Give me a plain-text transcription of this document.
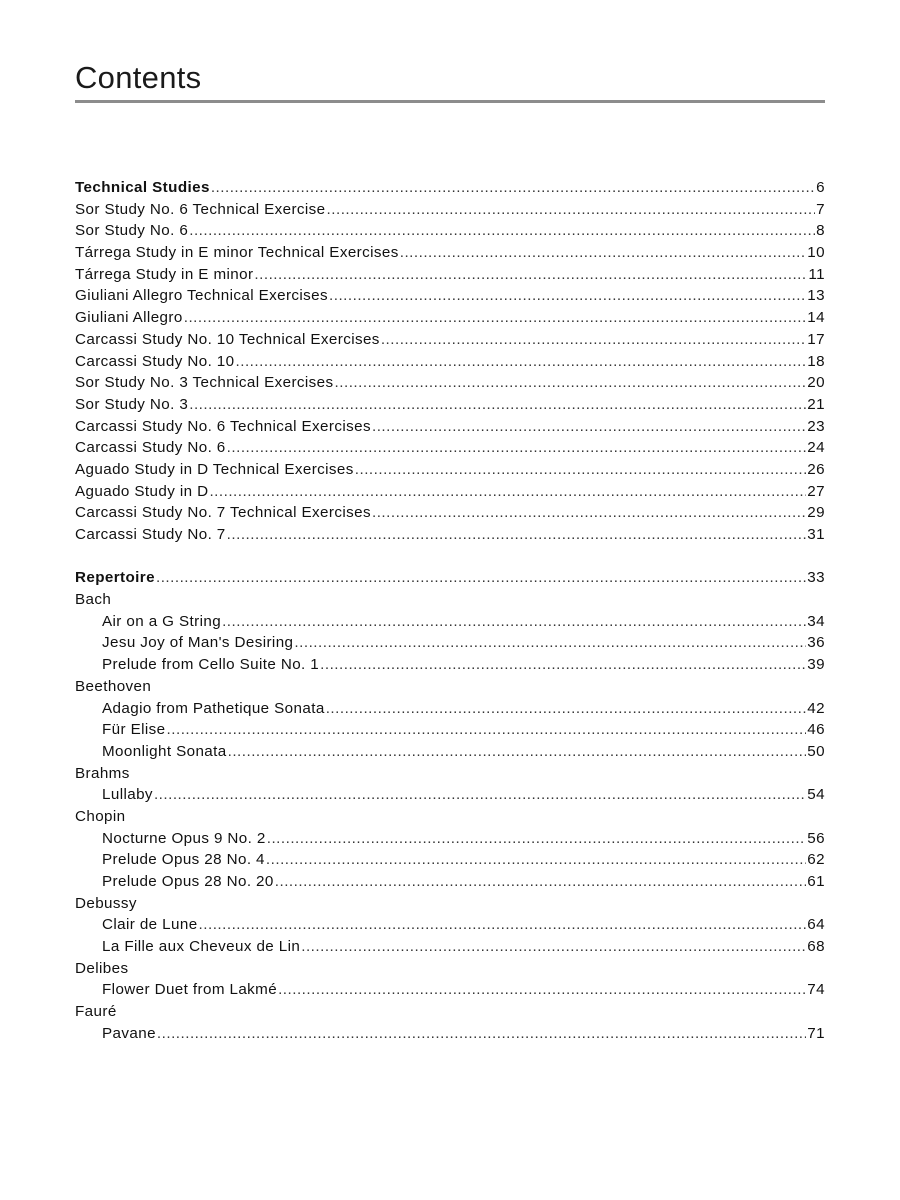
Contents
Technical Studies .....	6
Sor Study No. 6 Technical Exercise .....	7
Sor Study No. 6 .....	8
Tárrega Study in E minor Technical Exercises .....	10
Tárrega Study in E minor .....	11
Giuliani Allegro Technical Exercises .....	13
Giuliani Allegro .....	14
Carcassi Study No. 10 Technical Exercises .....	17
Carcassi Study No. 10 .....	18
Sor Study No. 3 Technical Exercises .....	20
Sor Study No. 3 .....	21
Carcassi Study No. 6 Technical Exercises .....	23
Carcassi Study No. 6 .....	24
Aguado Study in D Technical Exercises .....	26
Aguado Study in D .....	27
Carcassi Study No. 7 Technical Exercises .....	29
Carcassi Study No. 7 .....	31
Repertoire .....	33
Bach
Air on a G String .....	34
Jesu Joy of Man's Desiring .....	36
Prelude from Cello Suite No. 1 .....	39
Beethoven
Adagio from Pathetique Sonata .....	42
Für Elise .....	46
Moonlight Sonata .....	50
Brahms
Lullaby .....	54
Chopin
Nocturne Opus 9 No. 2 .....	56
Prelude Opus 28 No. 4 .....	62
Prelude Opus 28 No. 20 .....	61
Debussy
Clair de Lune .....	64
La Fille aux Cheveux de Lin .....	68
Delibes
Flower Duet from Lakmé .....	74
Fauré
Pavane .....	71
